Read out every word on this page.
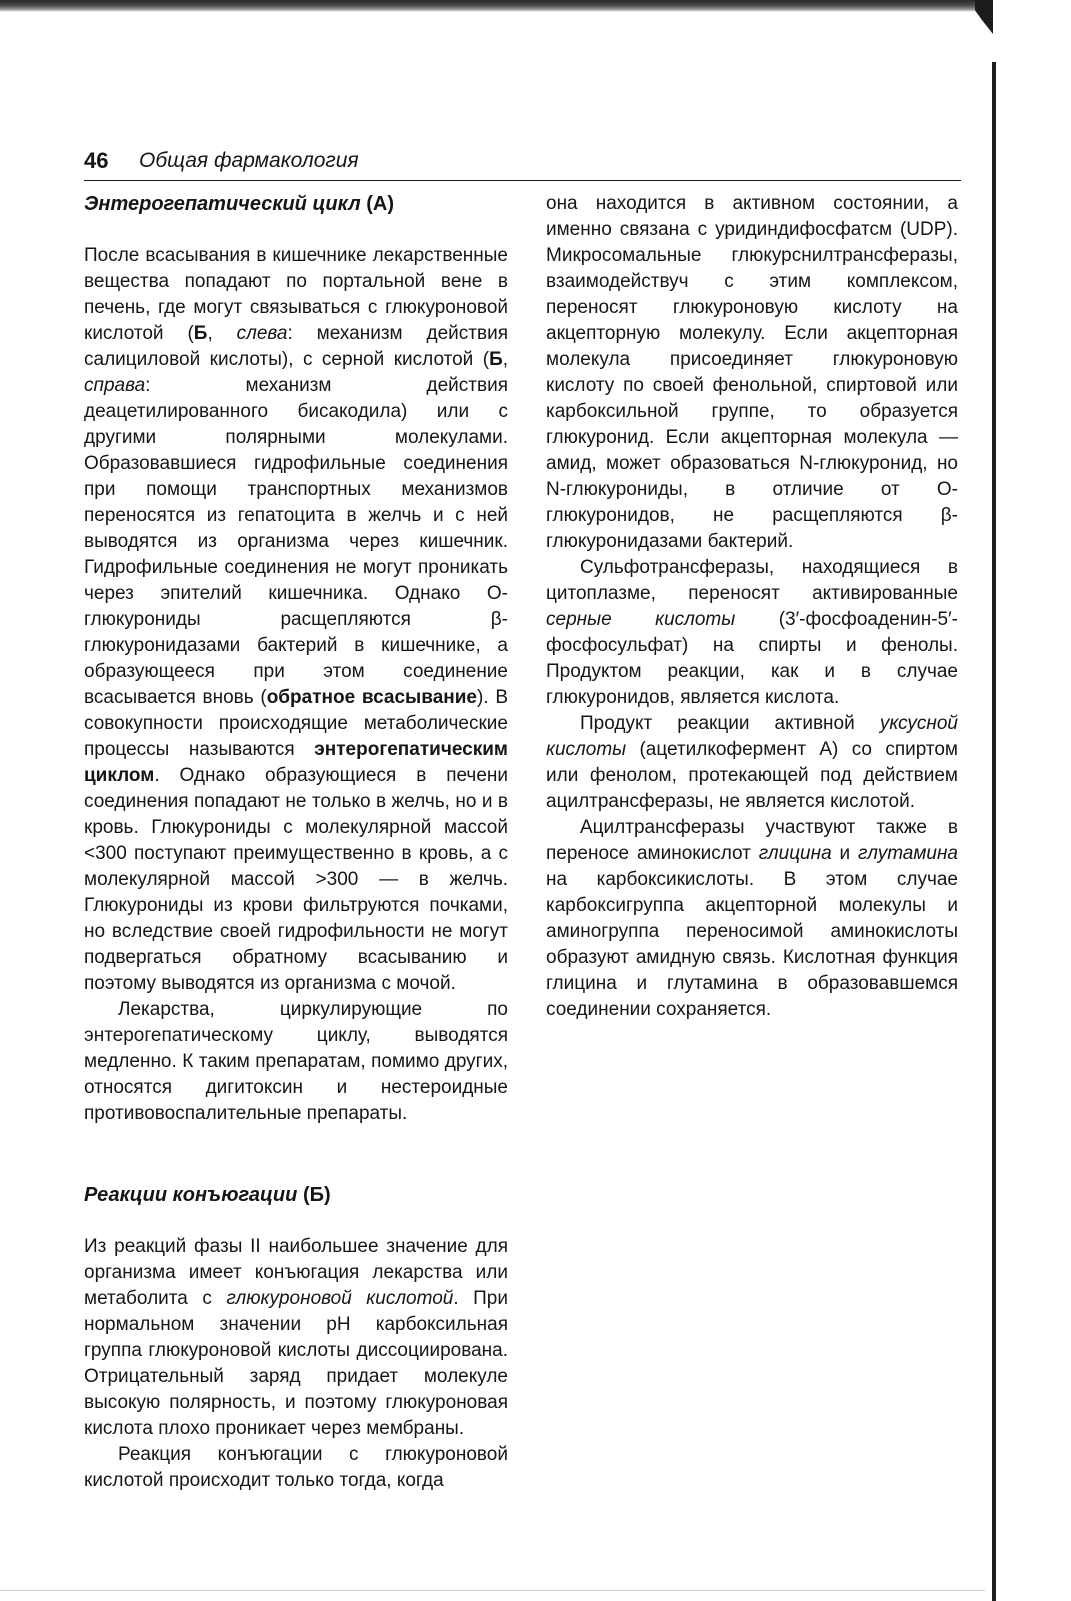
46 Общая фармакология
Энтерогепатический цикл (A)

После всасывания в кишечнике лекарственные вещества попадают по портальной вене в печень, где могут связываться с глюкуроновой кислотой (Б, слева: механизм действия салициловой кислоты), с серной кислотой (Б, справа: механизм действия деацетилированного бисакодила) или с другими полярными молекулами. Образовавшиеся гидрофильные соединения при помощи транспортных механизмов переносятся из гепатоцита в желчь и с ней выводятся из организма через кишечник. Гидрофильные соединения не могут проникать через эпителий кишечника. Однако О-глюкурониды расщепляются β-глюкуронидазами бактерий в кишечнике, а образующееся при этом соединение всасывается вновь (обратное всасывание). В совокупности происходящие метаболические процессы называются энтерогепатическим циклом. Однако образующиеся в печени соединения попадают не только в желчь, но и в кровь. Глюкурониды с молекулярной массой <300 поступают преимущественно в кровь, а с молекулярной массой >300 — в желчь. Глюкурониды из крови фильтруются почками, но вследствие своей гидрофильности не могут подвергаться обратному всасыванию и поэтому выводятся из организма с мочой.

Лекарства, циркулирующие по энтерогепатическому циклу, выводятся медленно. К таким препаратам, помимо других, относятся дигитоксин и нестероидные противовоспалительные препараты.

Реакции конъюгации (Б)

Из реакций фазы II наибольшее значение для организма имеет конъюгация лекарства или метаболита с глюкуроновой кислотой. При нормальном значении pH карбоксильная группа глюкуроновой кислоты диссоциирована. Отрицательный заряд придает молекуле высокую полярность, и поэтому глюкуроновая кислота плохо проникает через мембраны.

Реакция конъюгации с глюкуроновой кислотой происходит только тогда, когда

она находится в активном состоянии, а именно связана с уридиндифосфатсм (UDP). Микросомальные глюкурснилтрансферазы, взаимодействуч с этим комплексом, переносят глюкуроновую кислоту на акцепторную молекулу. Если акцепторная молекула присоединяет глюкуроновую кислоту по своей фенольной, спиртовой или карбоксильной группе, то образуется глюкуронид. Если акцепторная молекула — амид, может образоваться N-глюкуронид, но N-глюкурониды, в отличие от О-глюкуронидов, не расщепляются β-глюкуронидазами бактерий.

Сульфотрансферазы, находящиеся в цитоплазме, переносят активированные серные кислоты (3′-фосфоаденин-5′-фосфосульфат) на спирты и фенолы. Продуктом реакции, как и в случае глюкуронидов, является кислота.

Продукт реакции активной уксусной кислоты (ацетилкофермент А) со спиртом или фенолом, протекающей под действием ацилтрансферазы, не является кислотой.

Ацилтрансферазы участвуют также в переносе аминокислот глицина и глутамина на карбоксикислоты. В этом случае карбоксигруппа акцепторной молекулы и аминогруппа переносимой аминокислоты образуют амидную связь. Кислотная функция глицина и глутамина в образовавшемся соединении сохраняется.
